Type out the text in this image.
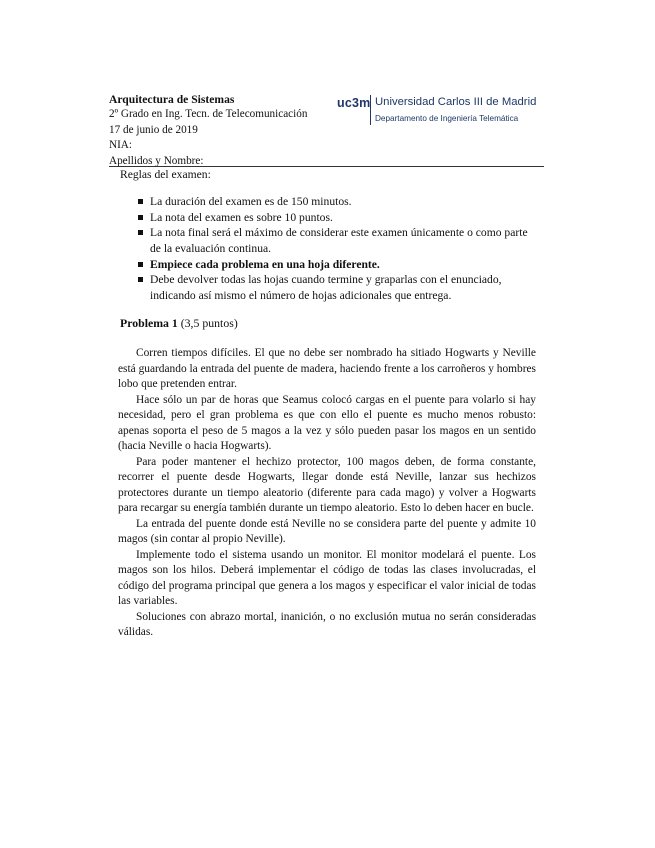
Arquitectura de Sistemas
2º Grado en Ing. Tecn. de Telecomunicación
17 de junio de 2019
NIA:
Apellidos y Nombre:
uc3m Universidad Carlos III de Madrid
Departamento de Ingeniería Telemática
Reglas del examen:
La duración del examen es de 150 minutos.
La nota del examen es sobre 10 puntos.
La nota final será el máximo de considerar este examen únicamente o como parte de la evaluación continua.
Empiece cada problema en una hoja diferente.
Debe devolver todas las hojas cuando termine y graparlas con el enunciado, indicando así mismo el número de hojas adicionales que entrega.
Problema 1 (3,5 puntos)

Corren tiempos difíciles. El que no debe ser nombrado ha sitiado Hogwarts y Neville está guardando la entrada del puente de madera, haciendo frente a los carroñeros y hombres lobo que pretenden entrar.

Hace sólo un par de horas que Seamus colocó cargas en el puente para volarlo si hay necesidad, pero el gran problema es que con ello el puente es mucho menos robusto: apenas soporta el peso de 5 magos a la vez y sólo pueden pasar los magos en un sentido (hacia Neville o hacia Hogwarts).

Para poder mantener el hechizo protector, 100 magos deben, de forma constante, recorrer el puente desde Hogwarts, llegar donde está Neville, lanzar sus hechizos protectores durante un tiempo aleatorio (diferente para cada mago) y volver a Hogwarts para recargar su energía también durante un tiempo aleatorio. Esto lo deben hacer en bucle.

La entrada del puente donde está Neville no se considera parte del puente y admite 10 magos (sin contar al propio Neville).

Implemente todo el sistema usando un monitor. El monitor modelará el puente. Los magos son los hilos. Deberá implementar el código de todas las clases involucradas, el código del programa principal que genera a los magos y especificar el valor inicial de todas las variables.

Soluciones con abrazo mortal, inanición, o no exclusión mutua no serán consideradas válidas.
